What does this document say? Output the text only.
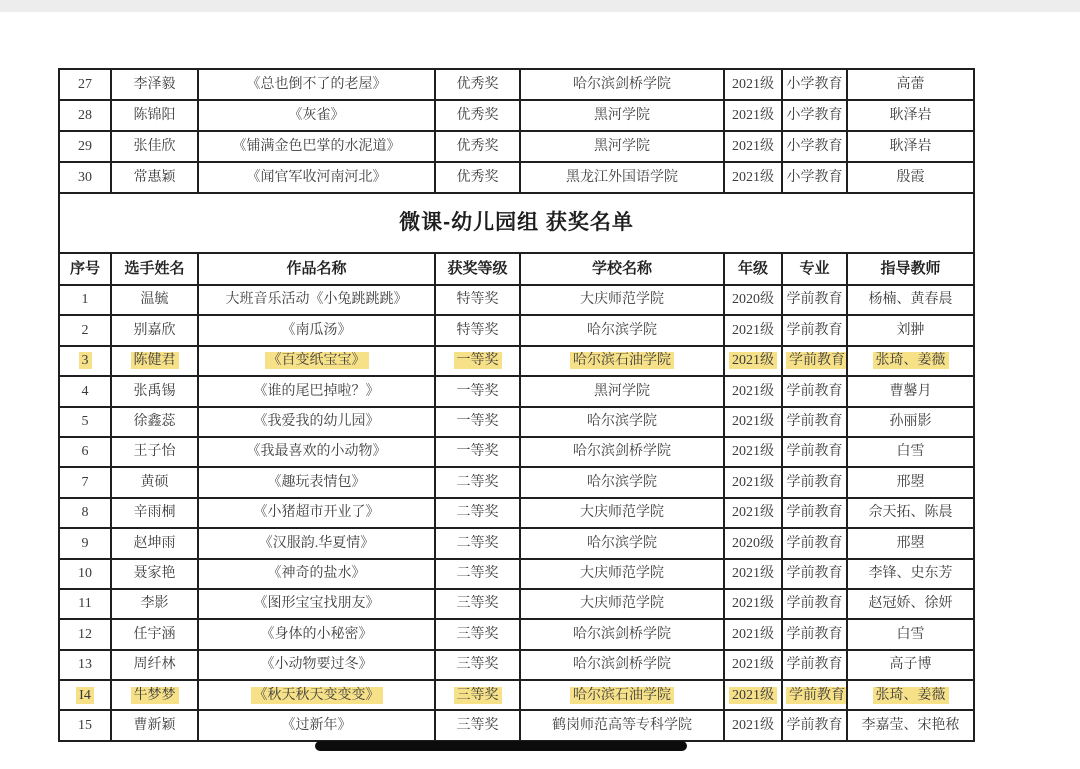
27	李泽毅	《总也倒不了的老屋》	优秀奖	哈尔滨剑桥学院	2021级	小学教育	高蕾
28	陈锦阳	《灰雀》	优秀奖	黑河学院	2021级	小学教育	耿泽岩
29	张佳欣	《铺满金色巴掌的水泥道》	优秀奖	黑河学院	2021级	小学教育	耿泽岩
30	常惠颖	《闻官军收河南河北》	优秀奖	黑龙江外国语学院	2021级	小学教育	殷霞
微课-幼儿园组 获奖名单							
序号	选手姓名	作品名称	获奖等级	学校名称	年级	专业	指导教师
1	温毓	大班音乐活动《小兔跳跳跳》	特等奖	大庆师范学院	2020级	学前教育	杨楠、黄春晨
2	别嘉欣	《南瓜汤》	特等奖	哈尔滨学院	2021级	学前教育	刘翀
3	陈健君	《百变纸宝宝》	一等奖	哈尔滨石油学院	2021级	学前教育	张琦、姜薇
4	张禹锡	《谁的尾巴掉啦？》	一等奖	黑河学院	2021级	学前教育	曹馨月
5	徐鑫蕊	《我爱我的幼儿园》	一等奖	哈尔滨学院	2021级	学前教育	孙丽影
6	王子怡	《我最喜欢的小动物》	一等奖	哈尔滨剑桥学院	2021级	学前教育	白雪
7	黄硕	《趣玩表情包》	二等奖	哈尔滨学院	2021级	学前教育	邢曌
8	辛雨桐	《小猪超市开业了》	二等奖	大庆师范学院	2021级	学前教育	佘天拓、陈晨
9	赵坤雨	《汉服韵.华夏情》	二等奖	哈尔滨学院	2020级	学前教育	邢曌
10	聂家艳	《神奇的盐水》	二等奖	大庆师范学院	2021级	学前教育	李锋、史东芳
11	李影	《图形宝宝找朋友》	三等奖	大庆师范学院	2021级	学前教育	赵冠娇、徐妍
12	任宇涵	《身体的小秘密》	三等奖	哈尔滨剑桥学院	2021级	学前教育	白雪
13	周纤林	《小动物要过冬》	三等奖	哈尔滨剑桥学院	2021级	学前教育	高子博
I4	牛梦梦	《秋天秋天变变变》	三等奖	哈尔滨石油学院	2021级	学前教育	张琦、姜薇
15	曹新颖	《过新年》	三等奖	鹤岗师范高等专科学院	2021级	学前教育	李嘉莹、宋艳秾
